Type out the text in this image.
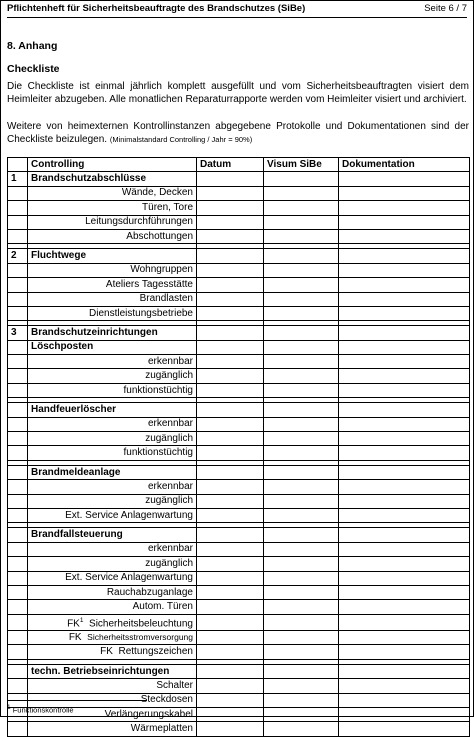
Pflichtenheft für Sicherheitsbeauftragte des Brandschutzes (SiBe)	Seite 6 / 7
8. Anhang
Checkliste
Die Checkliste ist einmal jährlich komplett ausgefüllt und vom Sicherheitsbeauftragten visiert dem Heimleiter abzugeben. Alle monatlichen Reparaturrapporte werden vom Heimleiter visiert und archiviert.
Weitere von heimexternen Kontrollinstanzen abgegebene Protokolle und Dokumentationen sind der Checkliste beizulegen. (Minimalstandard Controlling / Jahr = 90%)
	Controlling	Datum	Visum SiBe	Dokumentation
1	Brandschutzabschlüsse			
	Wände, Decken			
	Türen, Tore			
	Leitungsdurchführungen			
	Abschottungen			

2	Fluchtwege			
	Wohngruppen			
	Ateliers Tagesstätte			
	Brandlasten			
	Dienstleistungsbetriebe			

3	Brandschutzeinrichtungen			
	Löschposten			
	erkennbar			
	zugänglich			
	funktionstüchtig			

	Handfeuerlöscher			
	erkennbar			
	zugänglich			
	funktionstüchtig			

	Brandmeldeanlage			
	erkennbar			
	zugänglich			
	Ext. Service Anlagenwartung			

	Brandfallsteuerung			
	erkennbar			
	zugänglich			
	Ext. Service Anlagenwartung			
	Rauchabzuganlage			
	Autom. Türen			
	$FK^1$ Sicherheitsbeleuchtung			
	FK Sicherheitsstromversorgung			
	FK Rettungszeichen			

	techn. Betriebseinrichtungen			
	Schalter			
	Steckdosen			
	Verlängerungskabel			
	Wärmeplatten			
$^1$ Funktionskontrolle
